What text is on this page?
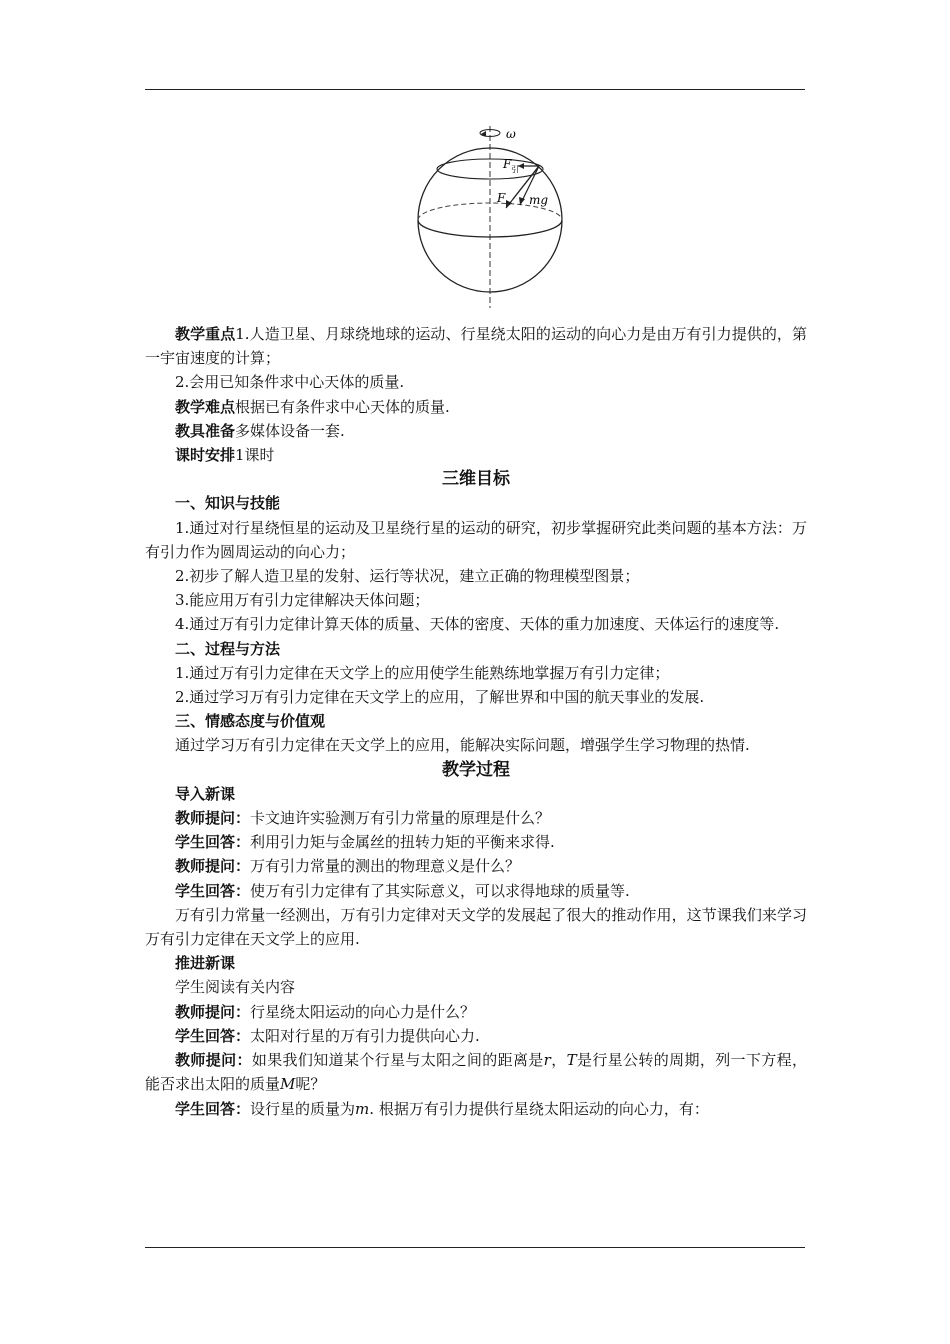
ω
F 引
F mg

教学重点1.人造卫星、月球绕地球的运动、行星绕太阳的运动的向心力是由万有引力提供的，第一宇宙速度的计算；

2.会用已知条件求中心天体的质量.

教学难点根据已有条件求中心天体的质量.

教具准备多媒体设备一套.

课时安排1课时

三维目标

一、知识与技能

1.通过对行星绕恒星的运动及卫星绕行星的运动的研究，初步掌握研究此类问题的基本方法：万有引力作为圆周运动的向心力；

2.初步了解人造卫星的发射、运行等状况，建立正确的物理模型图景；

3.能应用万有引力定律解决天体问题；

4.通过万有引力定律计算天体的质量、天体的密度、天体的重力加速度、天体运行的速度等.

二、过程与方法

1.通过万有引力定律在天文学上的应用使学生能熟练地掌握万有引力定律；

2.通过学习万有引力定律在天文学上的应用，了解世界和中国的航天事业的发展.

三、情感态度与价值观

通过学习万有引力定律在天文学上的应用，能解决实际问题，增强学生学习物理的热情.

教学过程

导入新课

教师提问：卡文迪许实验测万有引力常量的原理是什么？

学生回答：利用引力矩与金属丝的扭转力矩的平衡来求得.

教师提问：万有引力常量的测出的物理意义是什么？

学生回答：使万有引力定律有了其实际意义，可以求得地球的质量等.

万有引力常量一经测出，万有引力定律对天文学的发展起了很大的推动作用，这节课我们来学习万有引力定律在天文学上的应用.

推进新课

学生阅读有关内容

教师提问：行星绕太阳运动的向心力是什么？

学生回答：太阳对行星的万有引力提供向心力.

教师提问：如果我们知道某个行星与太阳之间的距离是r，T是行星公转的周期，列一下方程，能否求出太阳的质量M呢？

学生回答：设行星的质量为m. 根据万有引力提供行星绕太阳运动的向心力，有：
